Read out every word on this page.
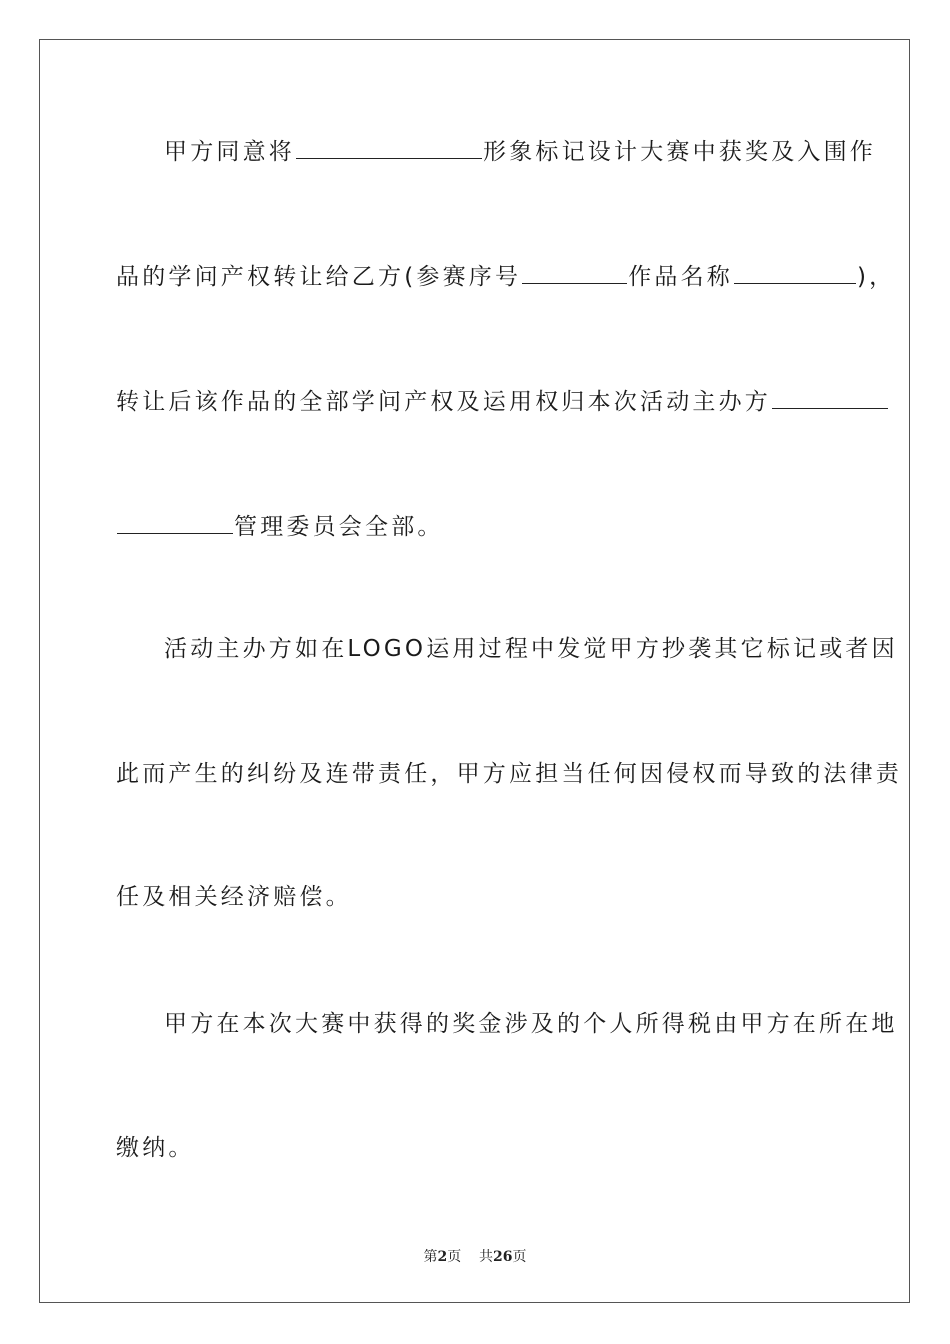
甲方同意将	形象标记设计大赛中获奖及入围作
品的学问产权转让给乙方(参赛序号	作品名称	)，
转让后该作品的全部学问产权及运用权归本次活动主办方
管理委员会全部。
活动主办方如在LOGO运用过程中发觉甲方抄袭其它标记或者因
此而产生的纠纷及连带责任，甲方应担当任何因侵权而导致的法律责
任及相关经济赔偿。
甲方在本次大赛中获得的奖金涉及的个人所得税由甲方在所在地
缴纳。
第2页 共26页
